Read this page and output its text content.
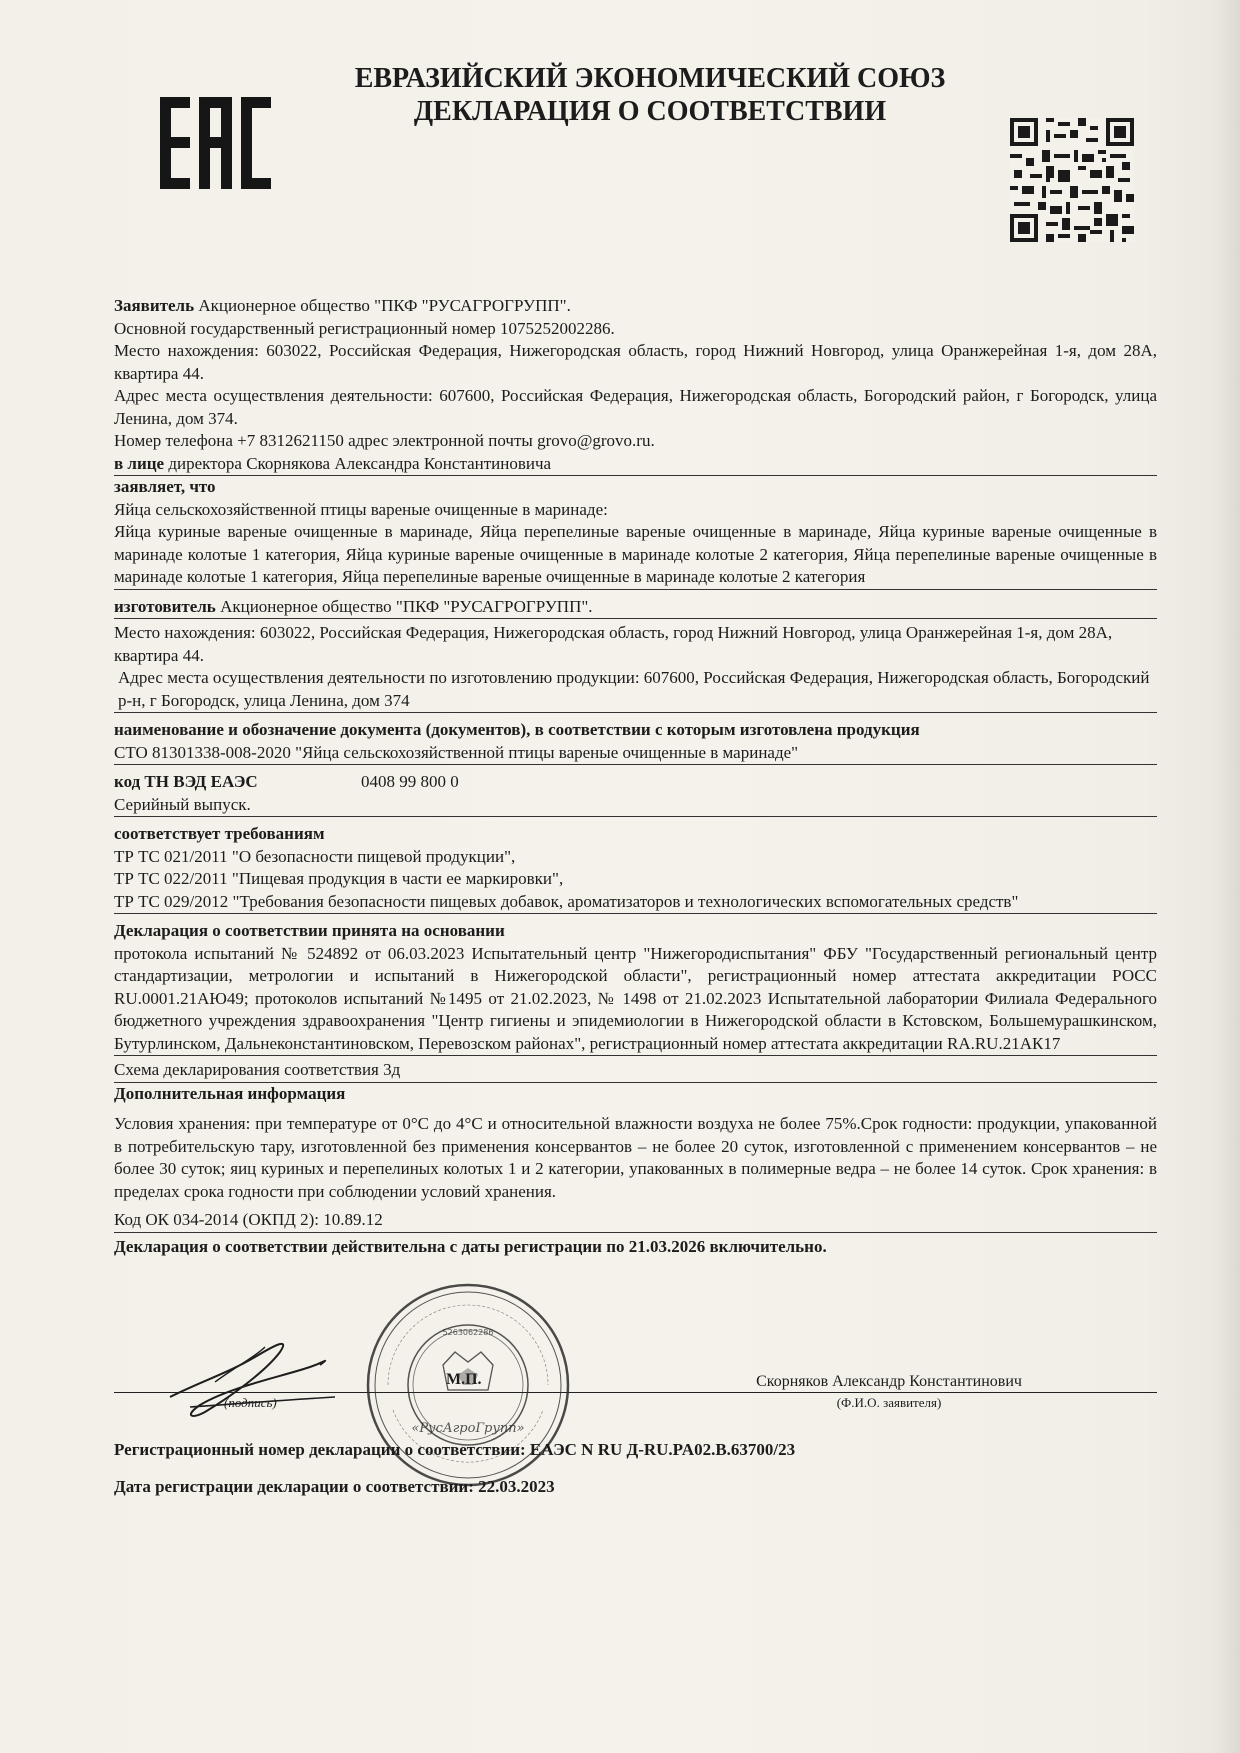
ЕВРАЗИЙСКИЙ ЭКОНОМИЧЕСКИЙ СОЮЗ
ДЕКЛАРАЦИЯ О СООТВЕТСТВИИ

Заявитель Акционерное общество "ПКФ "РУСАГРОГРУПП".

Основной государственный регистрационный номер 1075252002286.

Место нахождения: 603022, Российская Федерация, Нижегородская область, город Нижний Новгород, улица Оранжерейная 1-я, дом 28А, квартира 44.

Адрес места осуществления деятельности: 607600, Российская Федерация, Нижегородская область, Богородский район, г Богородск, улица Ленина, дом 374.

Номер телефона +7 8312621150 адрес электронной почты grovo@grovo.ru.

в лице директора Скорнякова Александра Константиновича

заявляет, что

Яйца сельскохозяйственной птицы вареные очищенные в маринаде:

Яйца куриные вареные очищенные в маринаде, Яйца перепелиные вареные очищенные в маринаде, Яйца куриные вареные очищенные в маринаде колотые 1 категория, Яйца куриные вареные очищенные в маринаде колотые 2 категория, Яйца перепелиные вареные очищенные в маринаде колотые 1 категория, Яйца перепелиные вареные очищенные в маринаде колотые 2 категория

изготовитель Акционерное общество "ПКФ "РУСАГРОГРУПП".

Место нахождения: 603022, Российская Федерация, Нижегородская область, город Нижний Новгород, улица Оранжерейная 1-я, дом 28А, квартира 44.

Адрес места осуществления деятельности по изготовлению продукции: 607600, Российская Федерация, Нижегородская область, Богородский р-н, г Богородск, улица Ленина, дом 374

наименование и обозначение документа (документов), в соответствии с которым изготовлена продукция

СТО 81301338-008-2020 "Яйца сельскохозяйственной птицы вареные очищенные в маринаде"

код ТН ВЭД ЕАЭС	0408 99 800 0

Серийный выпуск.

соответствует требованиям

ТР ТС 021/2011 "О безопасности пищевой продукции",

ТР ТС 022/2011 "Пищевая продукция в части ее маркировки",

ТР ТС 029/2012 "Требования безопасности пищевых добавок, ароматизаторов и технологических вспомогательных средств"

Декларация о соответствии принята на основании

протокола испытаний № 524892 от 06.03.2023 Испытательный центр "Нижегородиспытания" ФБУ "Государственный региональный центр стандартизации, метрологии и испытаний в Нижегородской области", регистрационный номер аттестата аккредитации РОСС RU.0001.21АЮ49; протоколов испытаний №1495 от 21.02.2023, № 1498 от 21.02.2023 Испытательной лаборатории Филиала Федерального бюджетного учреждения здравоохранения "Центр гигиены и эпидемиологии в Нижегородской области в Кстовском, Большемурашкинском, Бутурлинском, Дальнеконстантиновском, Перевозском районах", регистрационный номер аттестата аккредитации RA.RU.21АК17

Схема декларирования соответствия 3д

Дополнительная информация

Условия хранения: при температуре от 0°С до 4°С и относительной влажности воздуха не более 75%.Срок годности: продукции, упакованной в потребительскую тару, изготовленной без применения консервантов – не более 20 суток, изготовленной с применением консервантов – не более 30 суток; яиц куриных и перепелиных колотых 1 и 2 категории, упакованных в полимерные ведра – не более 14 суток. Срок хранения: в пределах срока годности при соблюдении условий хранения.

Код ОК 034-2014 (ОКПД 2): 10.89.12

Декларация о соответствии действительна с даты регистрации по 21.03.2026 включительно.

(подпись)
М.П.	Скорняков Александр Константинович
(Ф.И.О. заявителя)
5263062286
«РусАгроГрупп»
Регистрационный номер декларации о соответствии: ЕАЭС N RU Д-RU.PA02.B.63700/23
Дата регистрации декларации о соответствии: 22.03.2023
